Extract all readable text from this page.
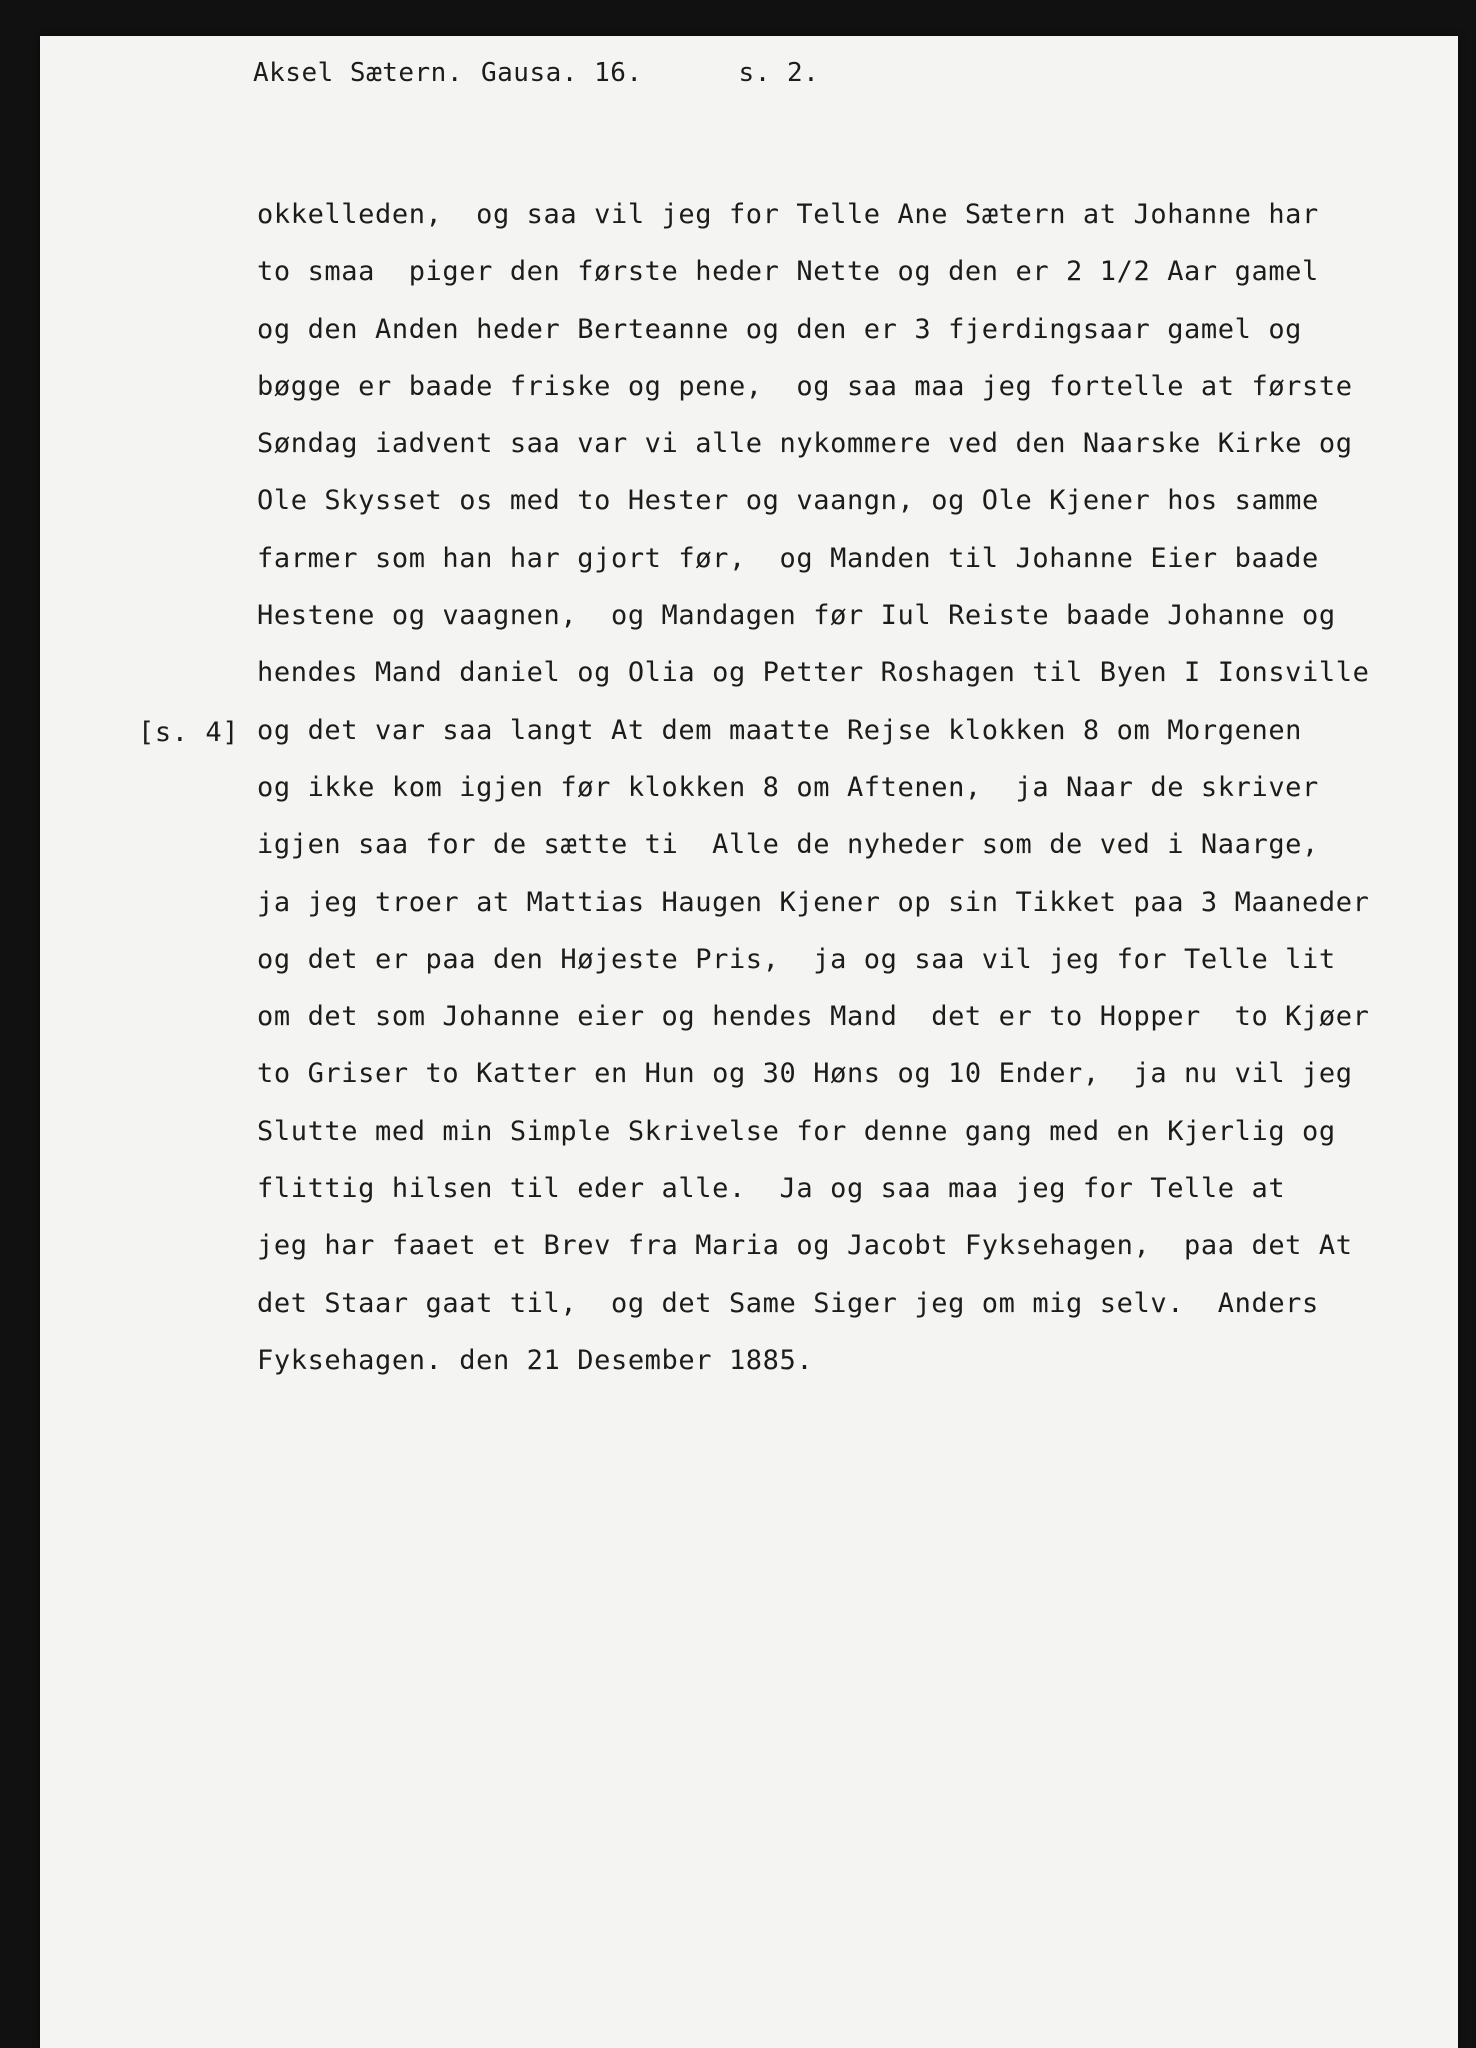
Aksel Sætern. Gausa. 16.	s. 2.
[s. 4]
okkelleden,  og saa vil jeg for Telle Ane Sætern at Johanne har
to smaa  piger den første heder Nette og den er 2 1/2 Aar gamel
og den Anden heder Berteanne og den er 3 fjerdingsaar gamel og
bøgge er baade friske og pene,  og saa maa jeg fortelle at første
Søndag iadvent saa var vi alle nykommere ved den Naarske Kirke og
Ole Skysset os med to Hester og vaangn, og Ole Kjener hos samme
farmer som han har gjort før,  og Manden til Johanne Eier baade
Hestene og vaagnen,  og Mandagen før Iul Reiste baade Johanne og
hendes Mand daniel og Olia og Petter Roshagen til Byen I Ionsville
og det var saa langt At dem maatte Rejse klokken 8 om Morgenen
og ikke kom igjen før klokken 8 om Aftenen,  ja Naar de skriver
igjen saa for de sætte ti  Alle de nyheder som de ved i Naarge,
ja jeg troer at Mattias Haugen Kjener op sin Tikket paa 3 Maaneder
og det er paa den Højeste Pris,  ja og saa vil jeg for Telle lit
om det som Johanne eier og hendes Mand  det er to Hopper  to Kjøer
to Griser to Katter en Hun og 30 Høns og 10 Ender,  ja nu vil jeg
Slutte med min Simple Skrivelse for denne gang med en Kjerlig og
flittig hilsen til eder alle.  Ja og saa maa jeg for Telle at
jeg har faaet et Brev fra Maria og Jacobt Fyksehagen,  paa det At
det Staar gaat til,  og det Same Siger jeg om mig selv.  Anders
Fyksehagen. den 21 Desember 1885.
